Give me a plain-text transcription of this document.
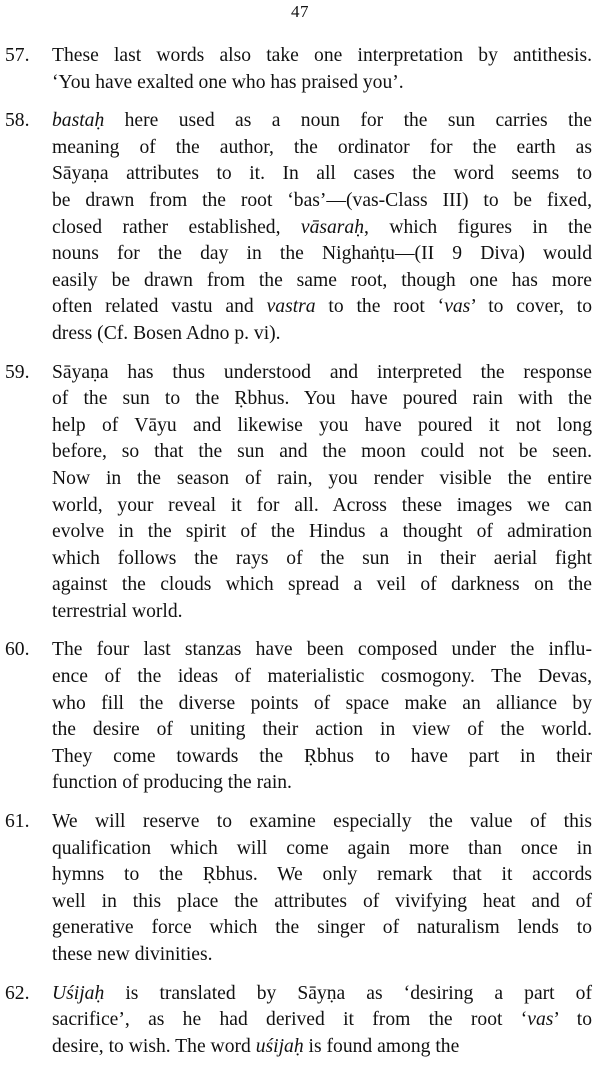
47
57. These last words also take one interpretation by antithesis.
‘You have exalted one who has praised you’.
58. bastaḥ here used as a noun for the sun carries the
meaning of the author, the ordinator for the earth as
Sāyaṇa attributes to it. In all cases the word seems to
be drawn from the root ‘bas’—(vas-Class III) to be fixed,
closed rather established, vāsaraḥ, which figures in the
nouns for the day in the Nighaṅṭu—(II 9 Diva) would
easily be drawn from the same root, though one has more
often related vastu and vastra to the root ‘vas’ to cover, to
dress (Cf. Bosen Adno p. vi).
59. Sāyaṇa has thus understood and interpreted the response
of the sun to the Ṛbhus. You have poured rain with the
help of Vāyu and likewise you have poured it not long
before, so that the sun and the moon could not be seen.
Now in the season of rain, you render visible the entire
world, your reveal it for all. Across these images we can
evolve in the spirit of the Hindus a thought of admiration
which follows the rays of the sun in their aerial fight
against the clouds which spread a veil of darkness on the
terrestrial world.
60. The four last stanzas have been composed under the influ-
ence of the ideas of materialistic cosmogony. The Devas,
who fill the diverse points of space make an alliance by
the desire of uniting their action in view of the world.
They come towards the Ṛbhus to have part in their
function of producing the rain.
61. We will reserve to examine especially the value of this
qualification which will come again more than once in
hymns to the Ṛbhus. We only remark that it accords
well in this place the attributes of vivifying heat and of
generative force which the singer of naturalism lends to
these new divinities.
62. Uśijaḥ is translated by Sāyṇa as ‘desiring a part of
sacrifice’, as he had derived it from the root ‘vas’ to
desire, to wish. The word uśijaḥ is found among the
